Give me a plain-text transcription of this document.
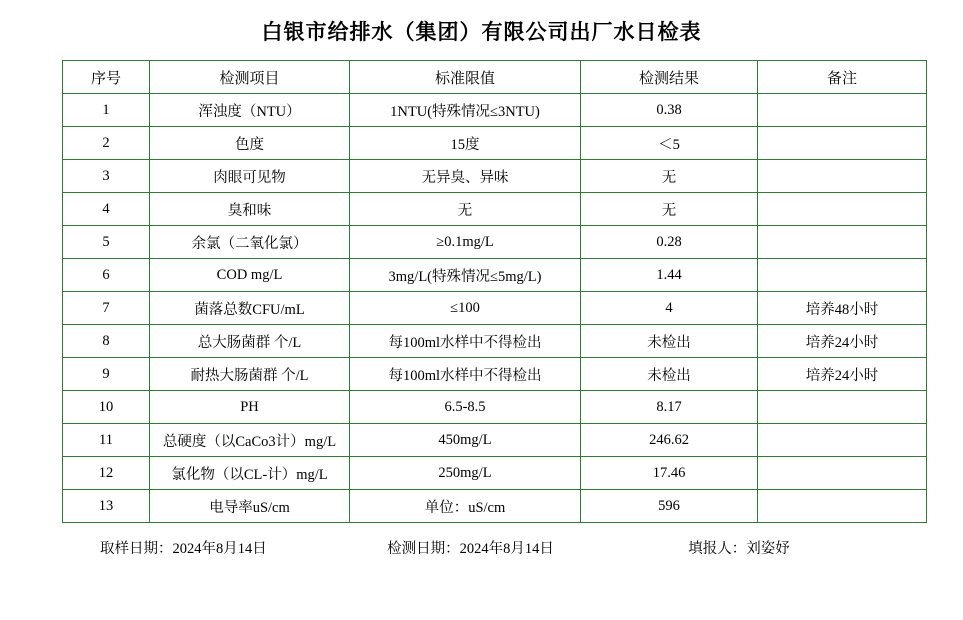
白银市给排水（集团）有限公司出厂水日检表
序号	检测项目	标准限值	检测结果	备注
1	浑浊度（NTU）	1NTU(特殊情况≤3NTU)	0.38	
2	色度	15度	＜5	
3	肉眼可见物	无异臭、异味	无	
4	臭和味	无	无	
5	余氯（二氧化氯）	≥0.1mg/L	0.28	
6	COD mg/L	3mg/L(特殊情况≤5mg/L)	1.44	
7	菌落总数CFU/mL	≤100	4	培养48小时
8	总大肠菌群 个/L	每100ml水样中不得检出	未检出	培养24小时
9	耐热大肠菌群 个/L	每100ml水样中不得检出	未检出	培养24小时
10	PH	6.5-8.5	8.17	
11	总硬度（以CaCo3计）mg/L	450mg/L	246.62	
12	氯化物（以CL-计）mg/L	250mg/L	17.46	
13	电导率uS/cm	单位：uS/cm	596	
取样日期：2024年8月14日	检测日期：2024年8月14日	填报人：刘姿妤
